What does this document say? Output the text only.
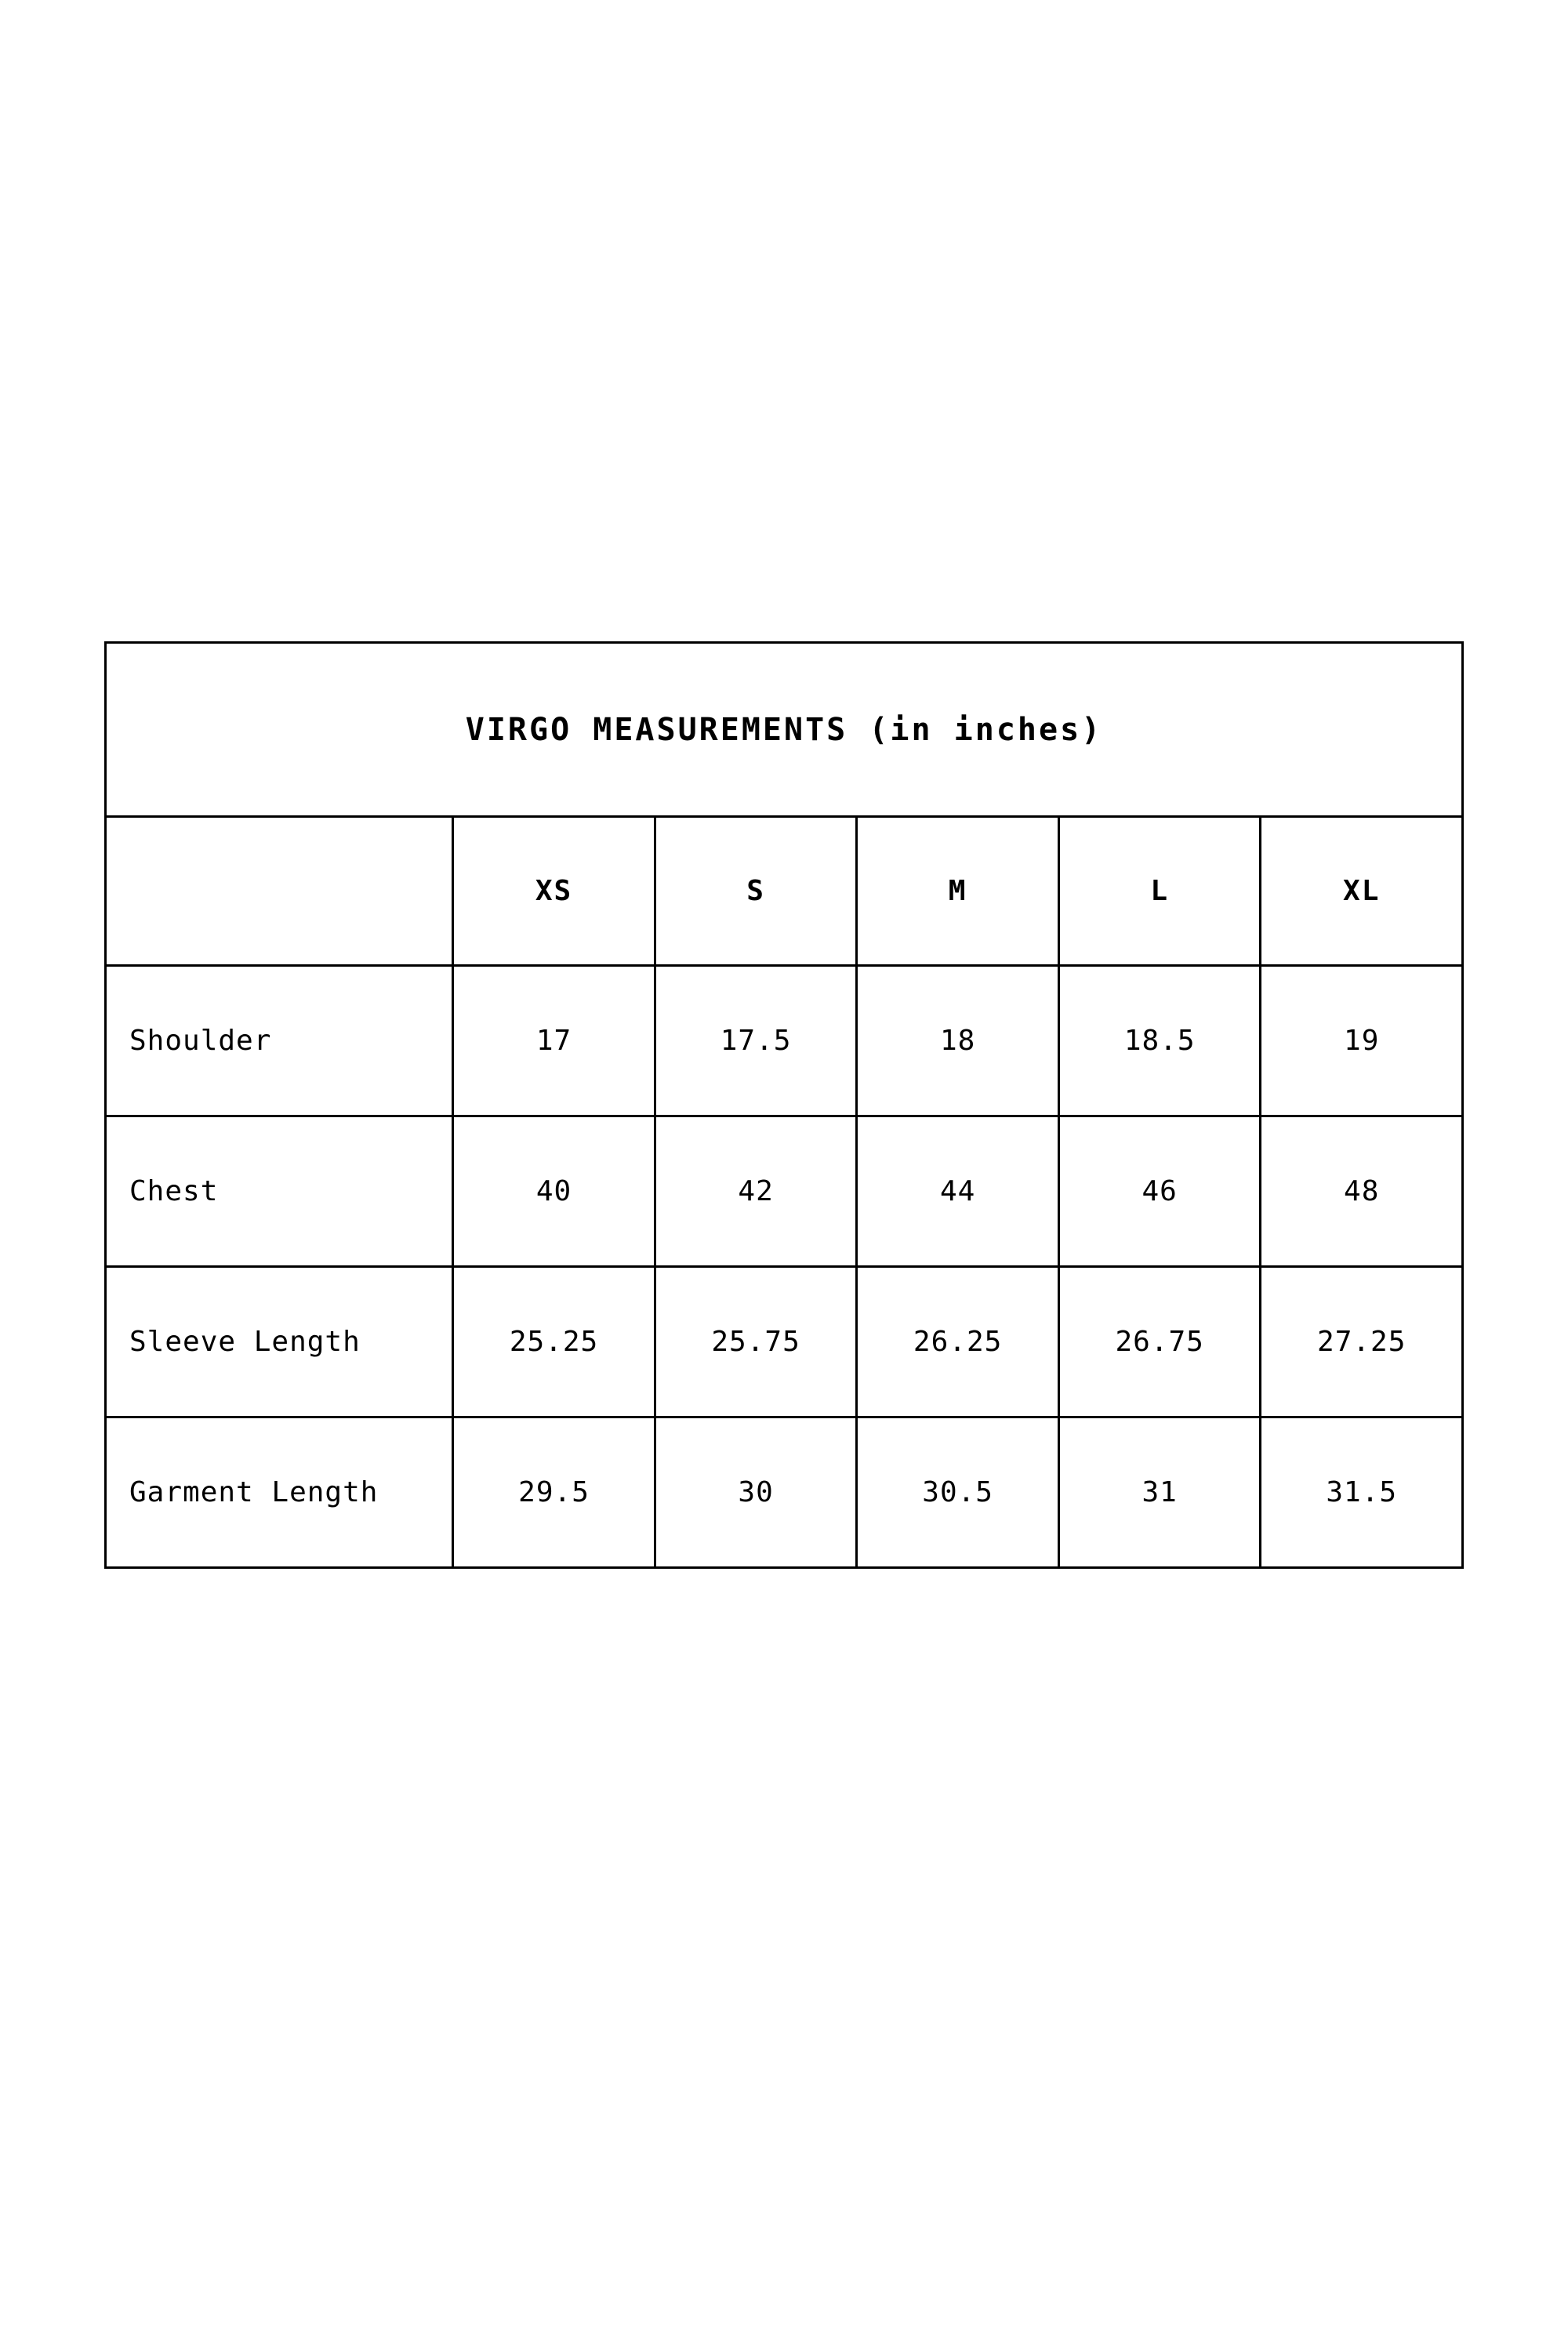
VIRGO MEASUREMENTS (in inches)					
	XS	S	M	L	XL
Shoulder	17	17.5	18	18.5	19
Chest	40	42	44	46	48
Sleeve Length	25.25	25.75	26.25	26.75	27.25
Garment Length	29.5	30	30.5	31	31.5
